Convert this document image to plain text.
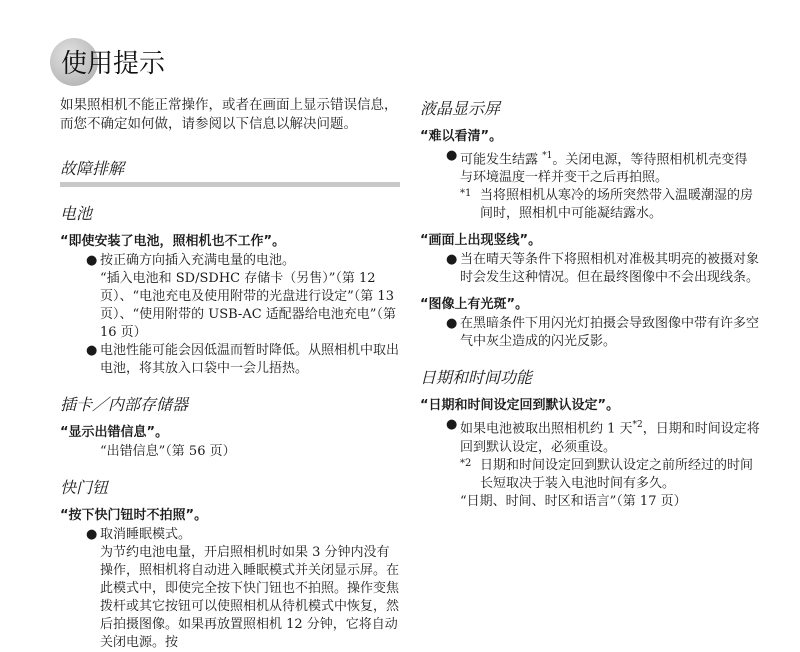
使用提示

如果照相机不能正常操作，或者在画面上显示错误信息，而您不确定如何做，请参阅以下信息以解决问题。

故障排解
电池
“即使安装了电池，照相机也不工作”。
● 按正确方向插入充满电量的电池。

“插入电池和 SD/SDHC 存储卡（另售）”（第 12 页）、“电池充电及使用附带的光盘进行设定”（第 13 页）、“使用附带的 USB-AC 适配器给电池充电”（第 16 页）

● 电池性能可能会因低温而暂时降低。从照相机中取出电池，将其放入口袋中一会儿捂热。
插卡／内部存储器
“显示出错信息”。

“出错信息”（第 56 页）

快门钮
“按下快门钮时不拍照”。
● 取消睡眠模式。

为节约电池电量，开启照相机时如果 3 分钟内没有操作，照相机将自动进入睡眠模式并关闭显示屏。在此模式中，即使完全按下快门钮也不拍照。操作变焦拨杆或其它按钮可以使照相机从待机模式中恢复，然后拍摄图像。如果再放置照相机 12 分钟，它将自动关闭电源。按

液晶显示屏
“难以看清”。
● 可能发生结露 $^{*1}$。关闭电源，等待照相机机壳变得与环境温度一样并变干之后再拍照。
*1 当将照相机从寒冷的场所突然带入温暖潮湿的房间时，照相机中可能凝结露水。
“画面上出现竖线”。
● 当在晴天等条件下将照相机对准极其明亮的被摄对象时会发生这种情况。但在最终图像中不会出现线条。
“图像上有光斑”。
● 在黑暗条件下用闪光灯拍摄会导致图像中带有许多空气中灰尘造成的闪光反影。
日期和时间功能
“日期和时间设定回到默认设定”。
● 如果电池被取出照相机约 1 天$^{*2}$，日期和时间设定将回到默认设定，必须重设。
*2 日期和时间设定回到默认设定之前所经过的时间长短取决于装入电池时间有多久。

“日期、时间、时区和语言”（第 17 页）
